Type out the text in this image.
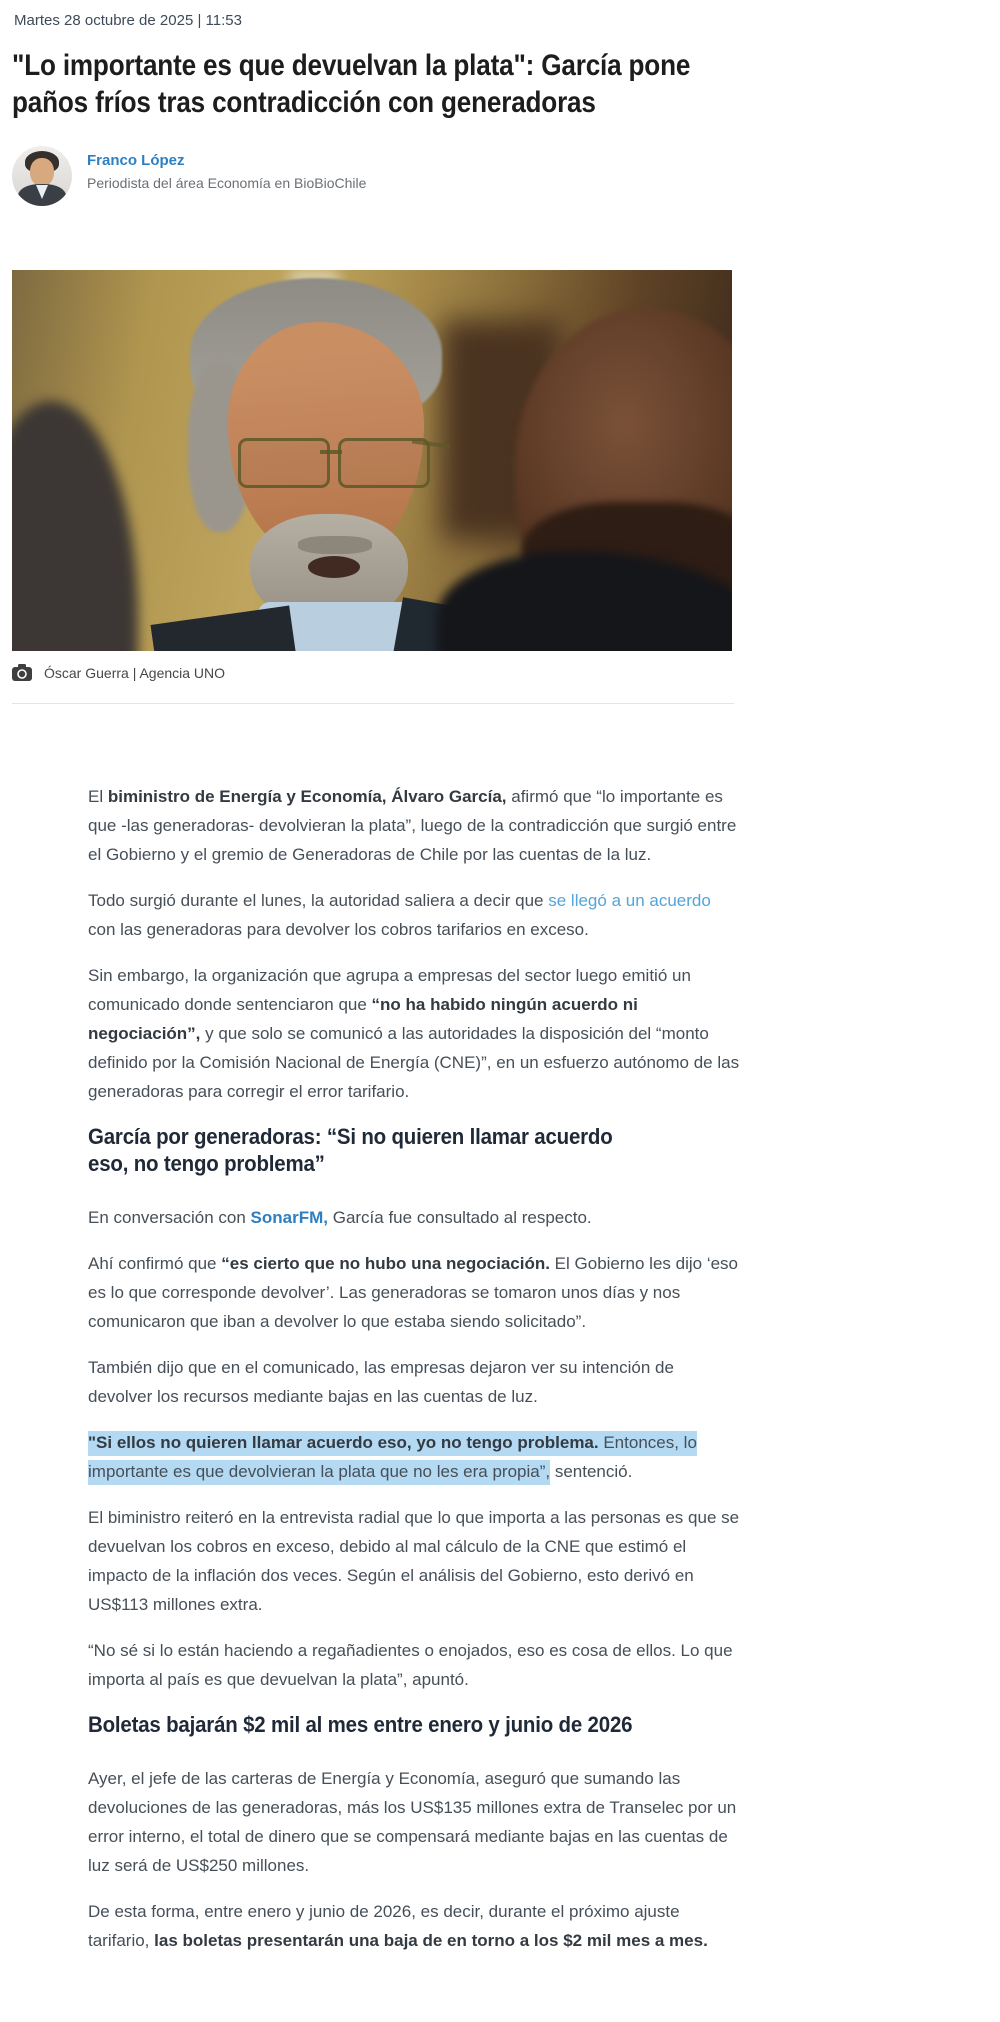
Martes 28 octubre de 2025 | 11:53
"Lo importante es que devuelvan la plata": García pone paños fríos tras contradicción con generadoras
Franco López
Periodista del área Economía en BioBioChile
Óscar Guerra | Agencia UNO

El biministro de Energía y Economía, Álvaro García, afirmó que “lo importante es que -las generadoras- devolvieran la plata”, luego de la contradicción que surgió entre el Gobierno y el gremio de Generadoras de Chile por las cuentas de la luz.

Todo surgió durante el lunes, la autoridad saliera a decir que se llegó a un acuerdo con las generadoras para devolver los cobros tarifarios en exceso.

Sin embargo, la organización que agrupa a empresas del sector luego emitió un comunicado donde sentenciaron que “no ha habido ningún acuerdo ni negociación”, y que solo se comunicó a las autoridades la disposición del “monto definido por la Comisión Nacional de Energía (CNE)”, en un esfuerzo autónomo de las generadoras para corregir el error tarifario.

García por generadoras: “Si no quieren llamar acuerdo eso, no tengo problema”

En conversación con SonarFM, García fue consultado al respecto.

Ahí confirmó que “es cierto que no hubo una negociación. El Gobierno les dijo ‘eso es lo que corresponde devolver’. Las generadoras se tomaron unos días y nos comunicaron que iban a devolver lo que estaba siendo solicitado”.

También dijo que en el comunicado, las empresas dejaron ver su intención de devolver los recursos mediante bajas en las cuentas de luz.

"Si ellos no quieren llamar acuerdo eso, yo no tengo problema. Entonces, lo importante es que devolvieran la plata que no les era propia”, sentenció.

El biministro reiteró en la entrevista radial que lo que importa a las personas es que se devuelvan los cobros en exceso, debido al mal cálculo de la CNE que estimó el impacto de la inflación dos veces. Según el análisis del Gobierno, esto derivó en US$113 millones extra.

“No sé si lo están haciendo a regañadientes o enojados, eso es cosa de ellos. Lo que importa al país es que devuelvan la plata”, apuntó.

Boletas bajarán $2 mil al mes entre enero y junio de 2026

Ayer, el jefe de las carteras de Energía y Economía, aseguró que sumando las devoluciones de las generadoras, más los US$135 millones extra de Transelec por un error interno, el total de dinero que se compensará mediante bajas en las cuentas de luz será de US$250 millones.

De esta forma, entre enero y junio de 2026, es decir, durante el próximo ajuste tarifario, las boletas presentarán una baja de en torno a los $2 mil mes a mes.
